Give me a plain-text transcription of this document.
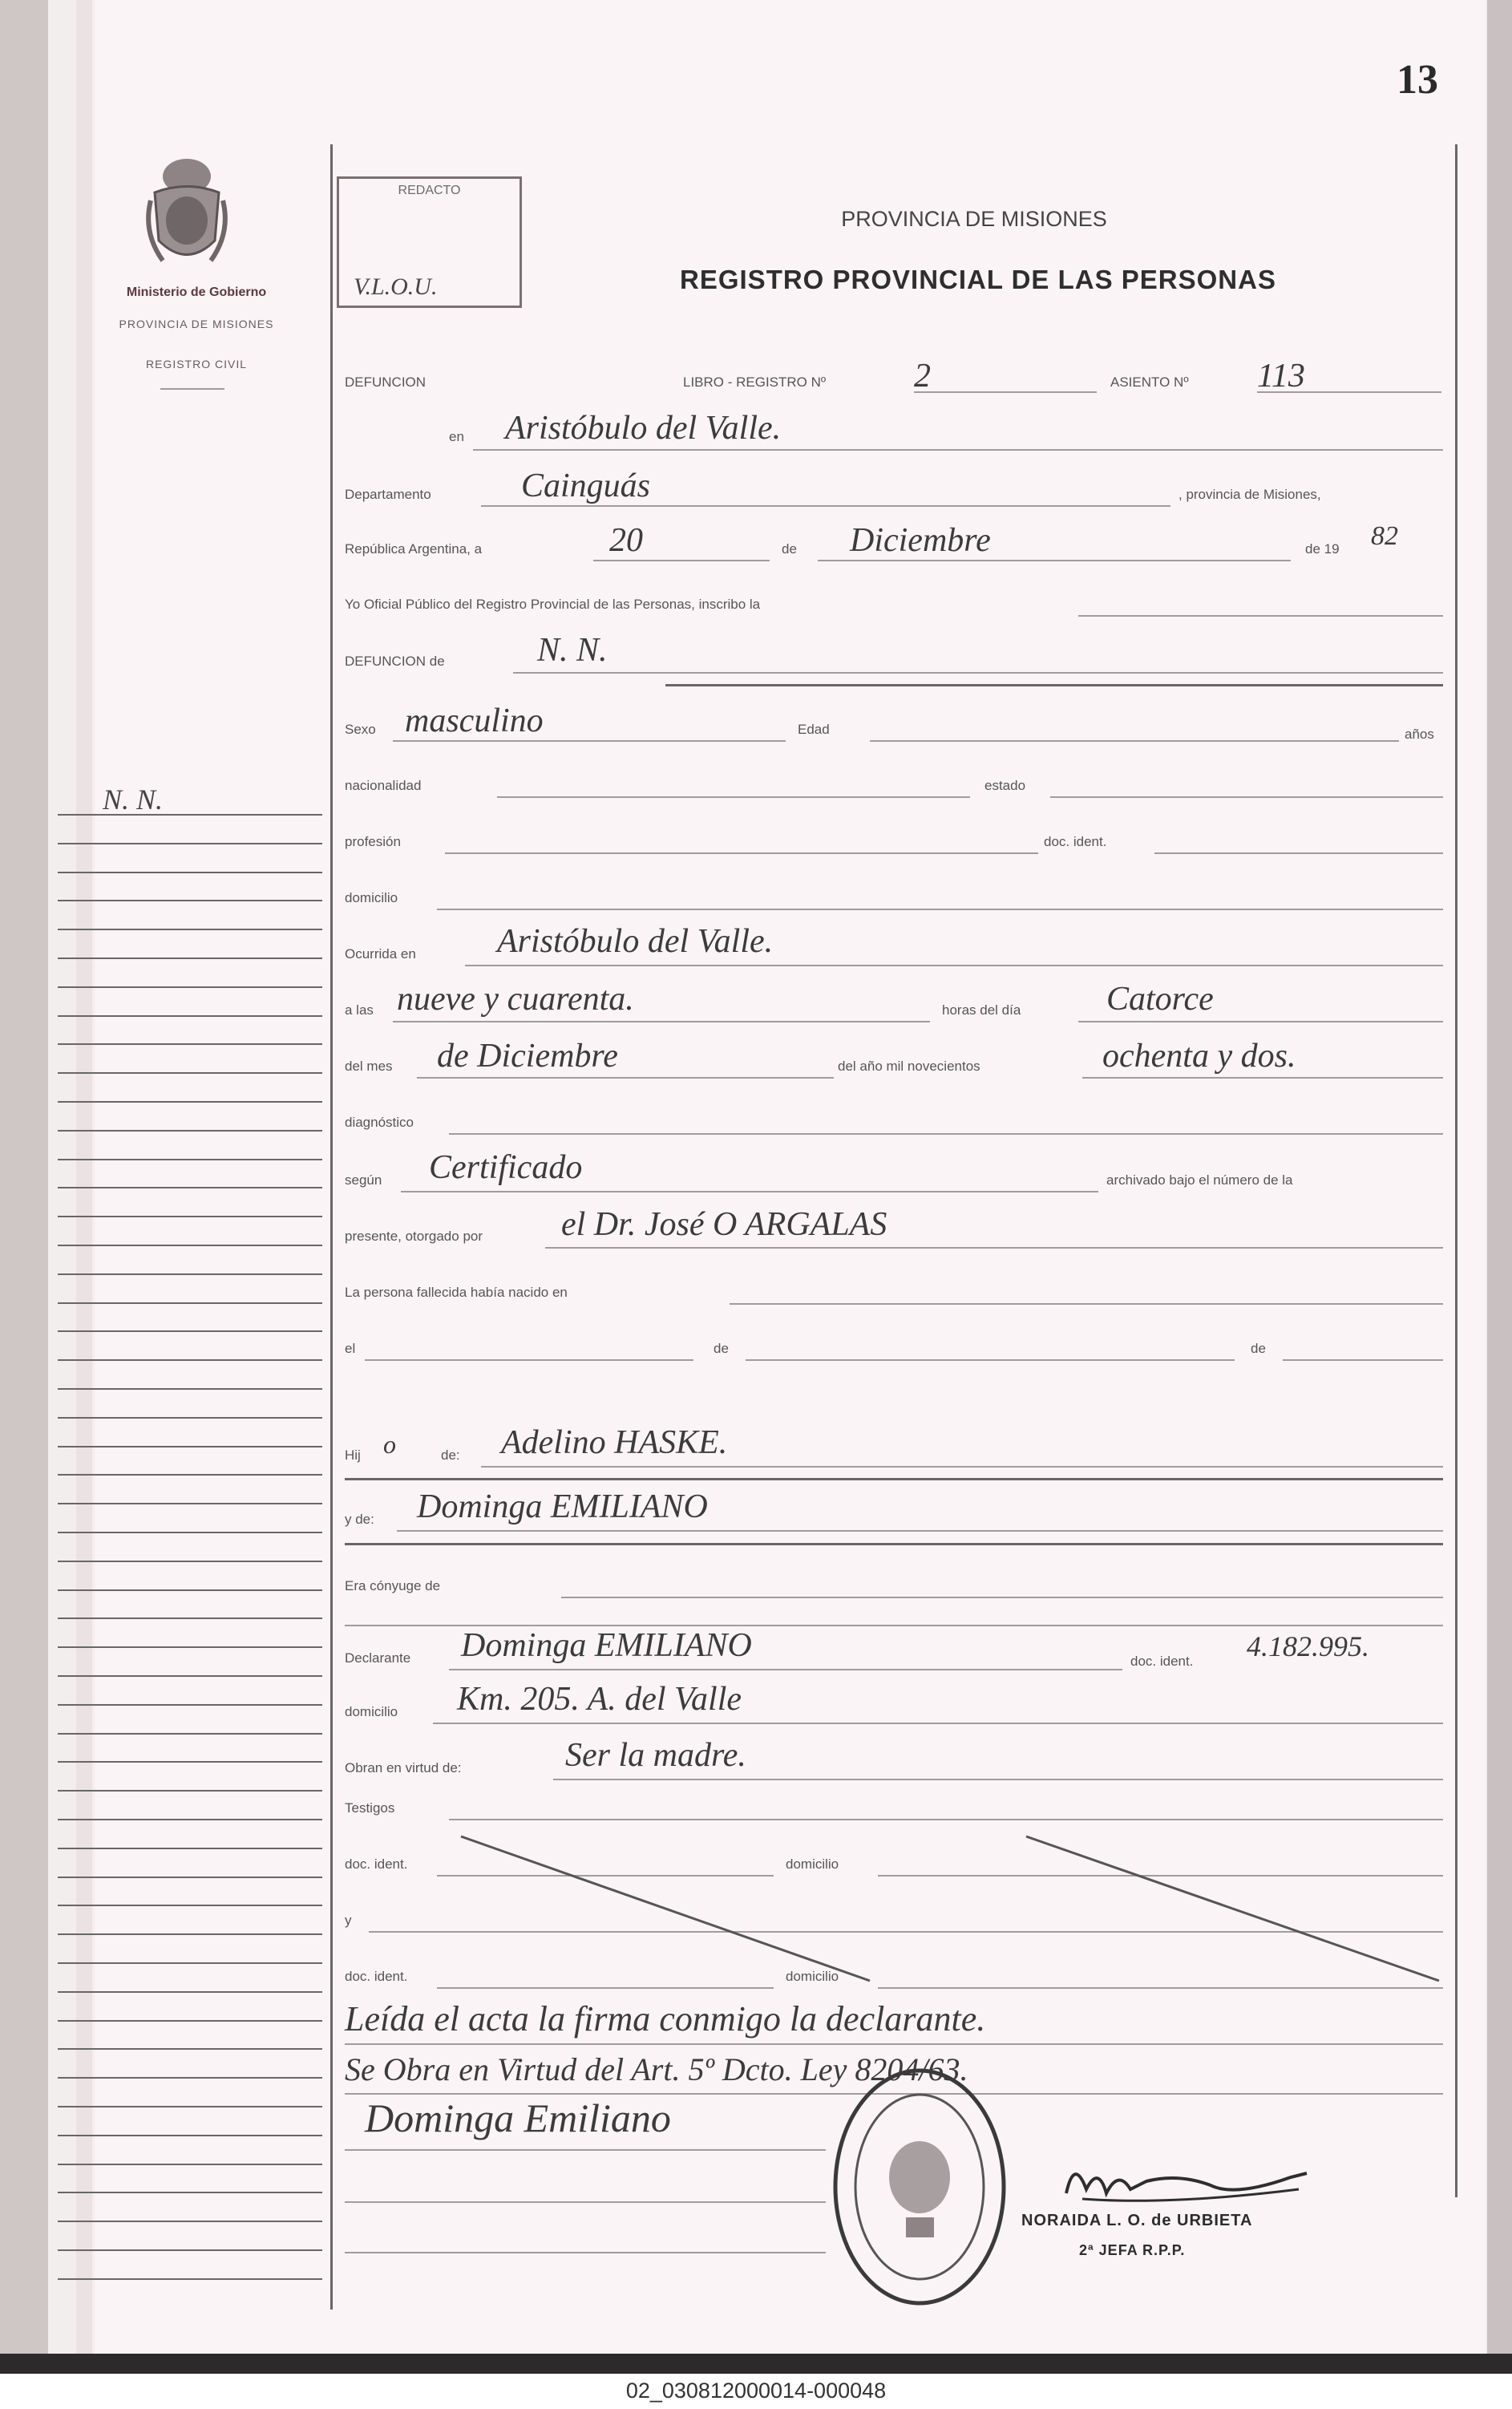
13
Ministerio de Gobierno
PROVINCIA DE MISIONES
REGISTRO CIVIL
REDACTO
V.L.O.U.
PROVINCIA DE MISIONES
REGISTRO PROVINCIAL DE LAS PERSONAS
N. N.
DEFUNCION	LIBRO - REGISTRO Nº	2	ASIENTO Nº 113
en Aristóbulo del Valle.
Departamento	Cainguás	, provincia de Misiones,
República Argentina, a	20	de Diciembre	de 19 82
Yo Oficial Público del Registro Provincial de las Personas, inscribo la
DEFUNCION de	N. N.
Sexo masculino	Edad	años
nacionalidad	estado
profesión	doc. ident.
domicilio
Ocurrida en Aristóbulo del Valle.
a las nueve y cuarenta.	horas del día	Catorce
del mes de Diciembre	del año mil novecientos	ochenta y dos.
diagnóstico
según Certificado	archivado bajo el número de la
presente, otorgado por el Dr. José O ARGALAS
La persona fallecida había nacido en
el	de	de
Hij o	de: Adelino HASKE.
y de: Dominga EMILIANO
Era cónyuge de
Declarante Dominga EMILIANO	doc. ident. 4.182.995.
domicilio Km. 205. A. del Valle
Obran en virtud de:	Ser la madre.
Testigos
doc. ident.	domicilio
y
doc. ident.	domicilio
Leída el acta la firma conmigo la declarante.
Se Obra en Virtud del Art. 5º Dcto. Ley 8204/63.
Dominga Emiliano
NORAIDA L. O. de URBIETA
2ª JEFA R.P.P.
02_030812000014-000048
